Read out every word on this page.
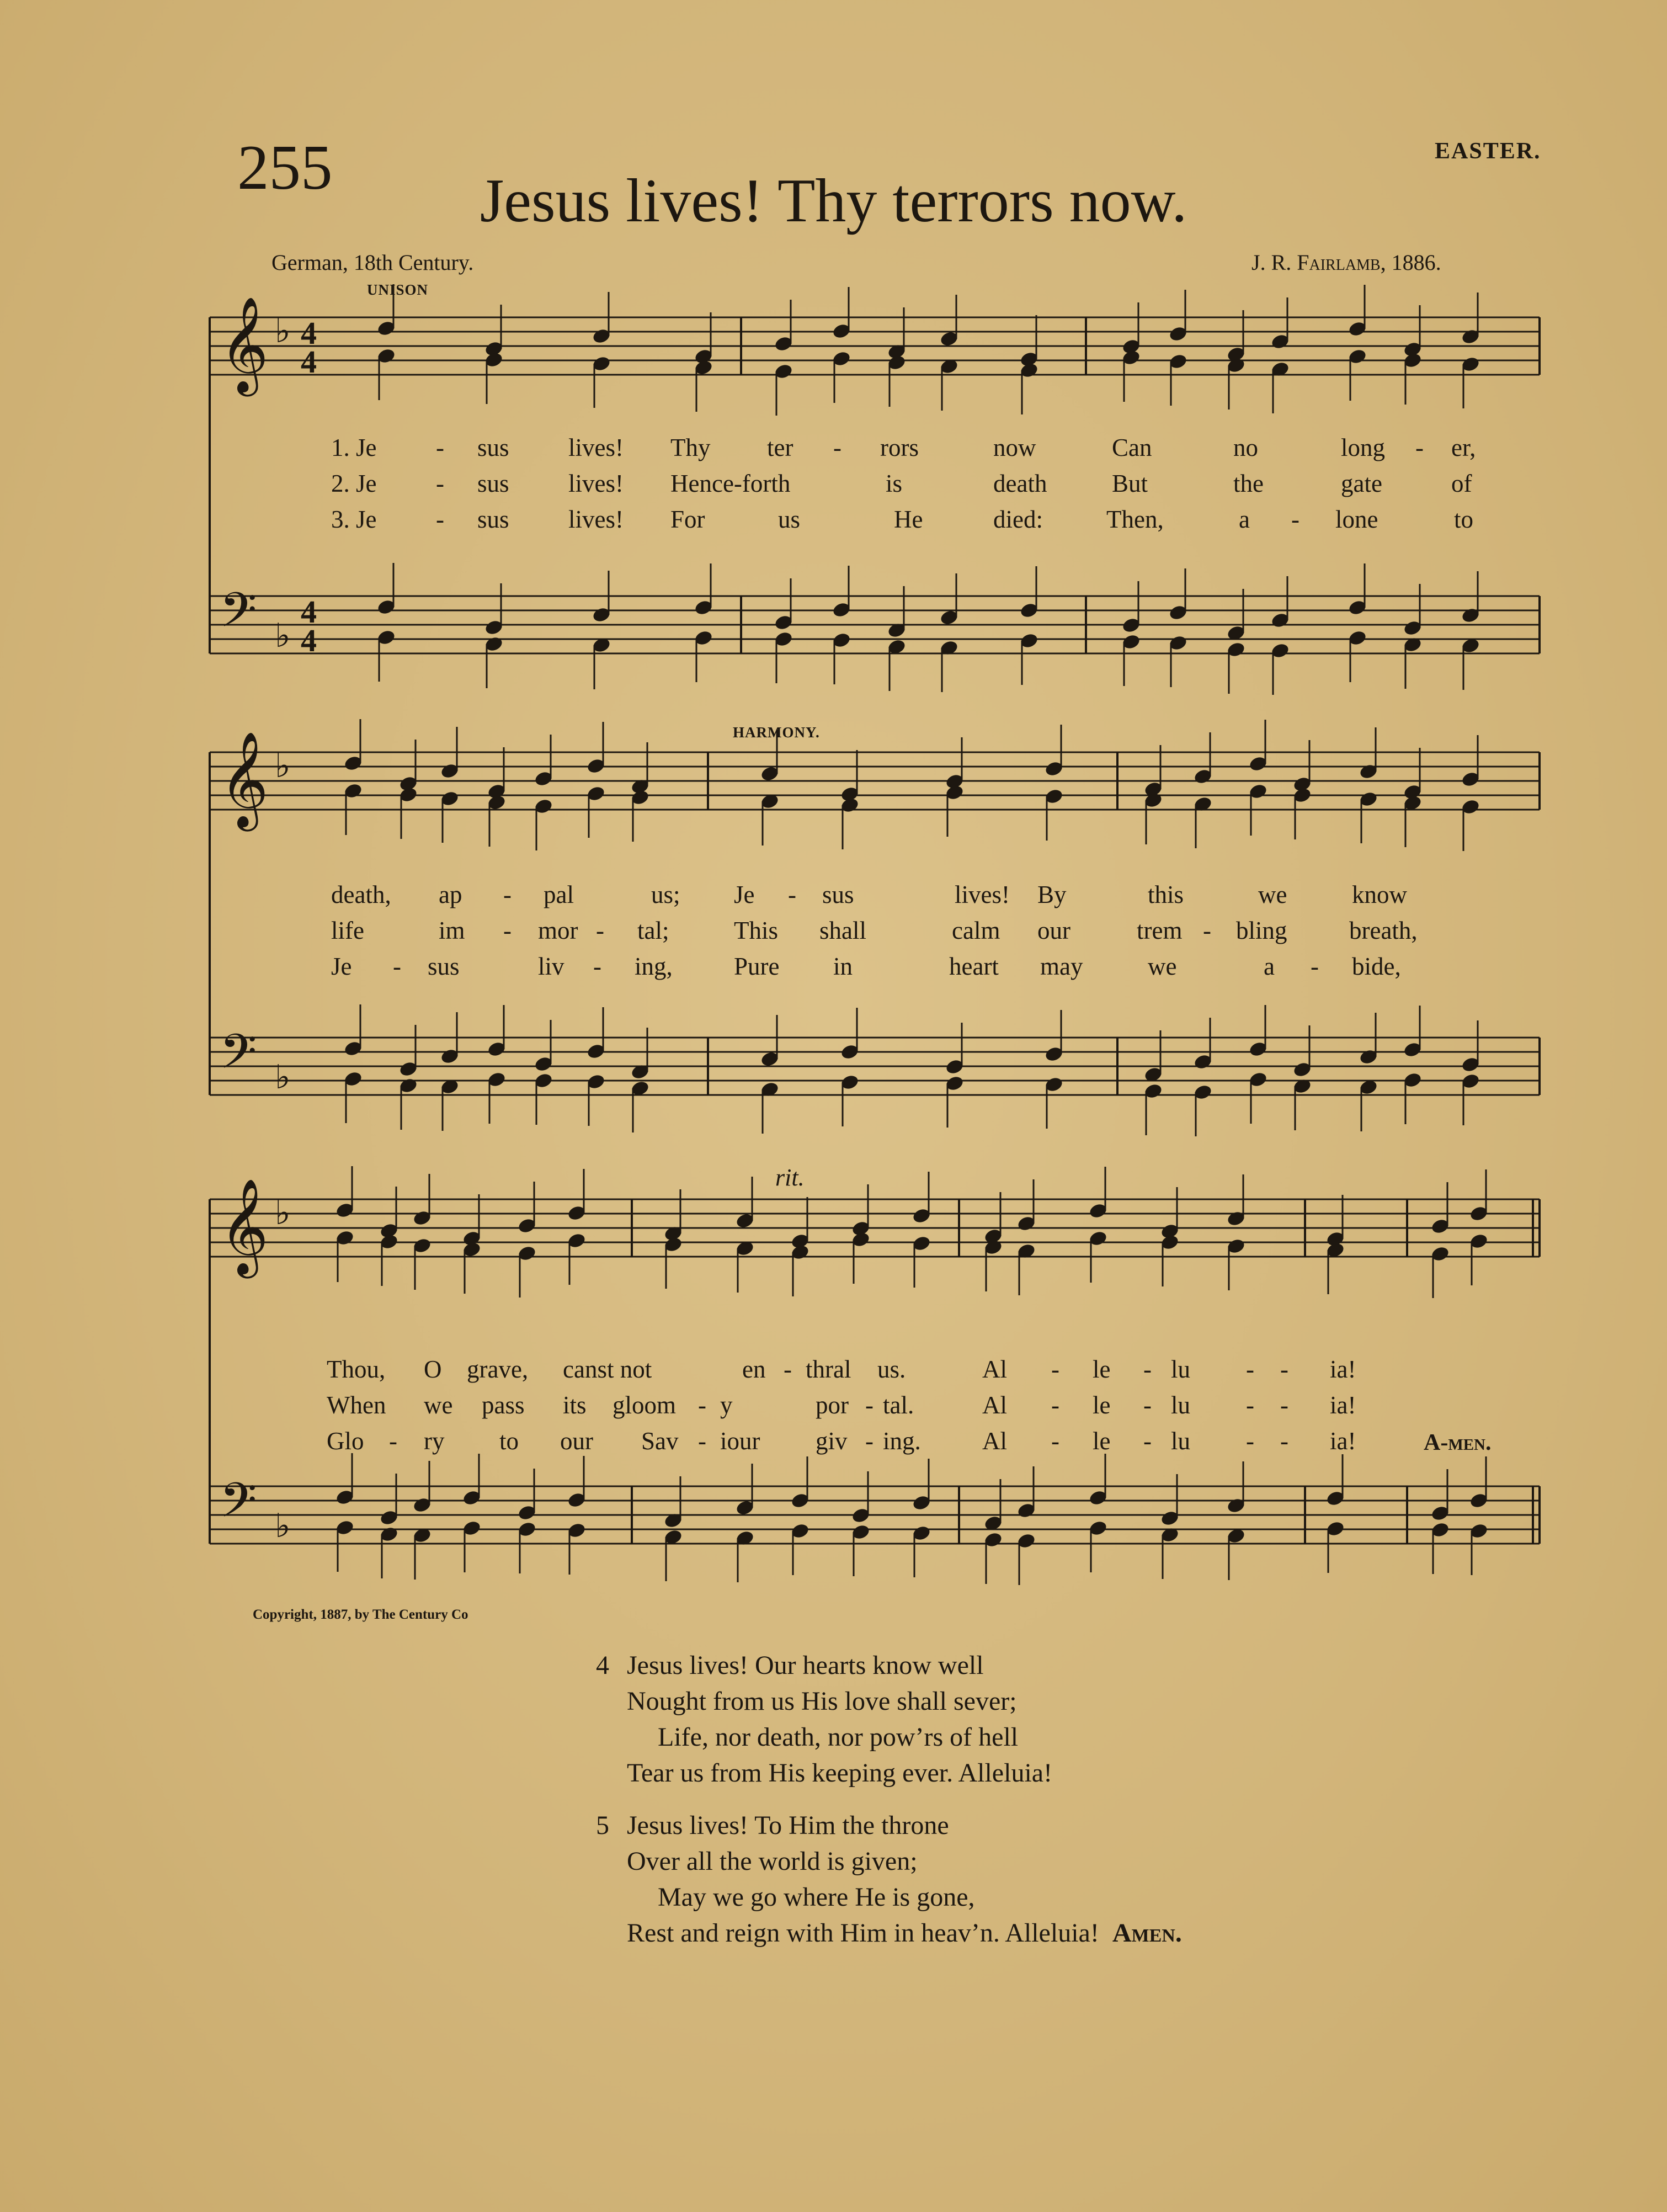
255	EASTER.
Jesus lives! Thy terrors now.
German, 18th Century.	J. R. Fairlamb, 1886.
𝄞 ♭ 4
4
𝄢 ♭
4
4
𝄞 ♭
𝄢 ♭
𝄞 ♭
𝄢 ♭
UNISON
HARMONY.
rit.
A-men.
1. Je - sus lives! Thy ter - rors	now	Can	no	long - er,
2. Je - sus lives! Hence-forth	is	death	But	the	gate	of
3. Je - sus lives! For	us	He	died:	Then,	a - lone	to
death, ap - pal	us; Je - sus	lives! By	this	we	know
life	im - mor - tal;	This shall	calm our	trem - bling breath,
Je - sus	liv - ing, Pure in	heart may	we	a - bide,
Thou, O grave, canst not	en - thral us.	Al - le - lu - - ia!
When we pass its gloom - y	por - tal.	Al - le - lu - - ia!
Glo - ry to our Sav - iour giv - ing. Al - le - lu - - ia!
Copyright, 1887, by The Century Co
4 Jesus lives! Our hearts know well
Nought from us His love shall sever;
Life, nor death, nor pow’rs of hell
Tear us from His keeping ever. Alleluia!
5 Jesus lives! To Him the throne
Over all the world is given;
May we go where He is gone,
Rest and reign with Him in heav’n. Alleluia! Amen.
